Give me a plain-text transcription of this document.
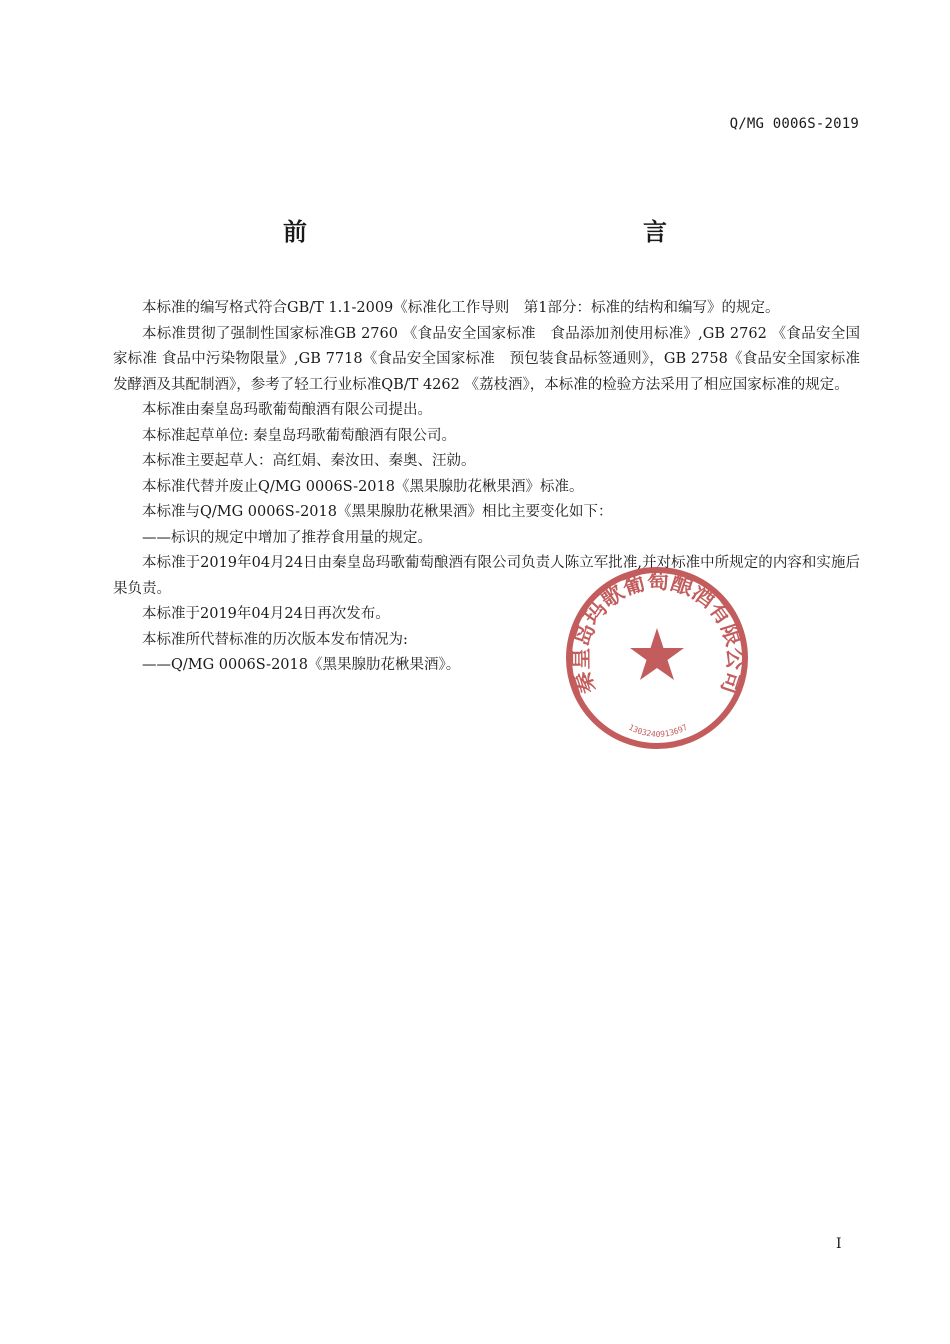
Q/MG 0006S-2019
前　　言

本标准的编写格式符合GB/T 1.1-2009《标准化工作导则　第1部分：标准的结构和编写》的规定。

本标准贯彻了强制性国家标准GB 2760 《食品安全国家标准　食品添加剂使用标准》,GB 2762 《食品安全国家标准 食品中污染物限量》,GB 7718《食品安全国家标准　预包装食品标签通则》，GB 2758《食品安全国家标准　发酵酒及其配制酒》，参考了轻工行业标准QB/T 4262 《荔枝酒》，本标准的检验方法采用了相应国家标准的规定。

本标准由秦皇岛玛歌葡萄酿酒有限公司提出。

本标准起草单位: 秦皇岛玛歌葡萄酿酒有限公司。

本标准主要起草人：高红娟、秦汝田、秦奥、汪勍。

本标准代替并废止Q/MG 0006S-2018《黑果腺肋花楸果酒》标准。

本标准与Q/MG 0006S-2018《黑果腺肋花楸果酒》相比主要变化如下：

——标识的规定中增加了推荐食用量的规定。

本标准于2019年04月24日由秦皇岛玛歌葡萄酿酒有限公司负责人陈立军批准,并对标准中所规定的内容和实施后果负责。

本标准于2019年04月24日再次发布。

本标准所代替标准的历次版本发布情况为:

——Q/MG 0006S-2018《黑果腺肋花楸果酒》。

秦皇岛玛歌葡萄酿酒有限公司
1303240913697
I
